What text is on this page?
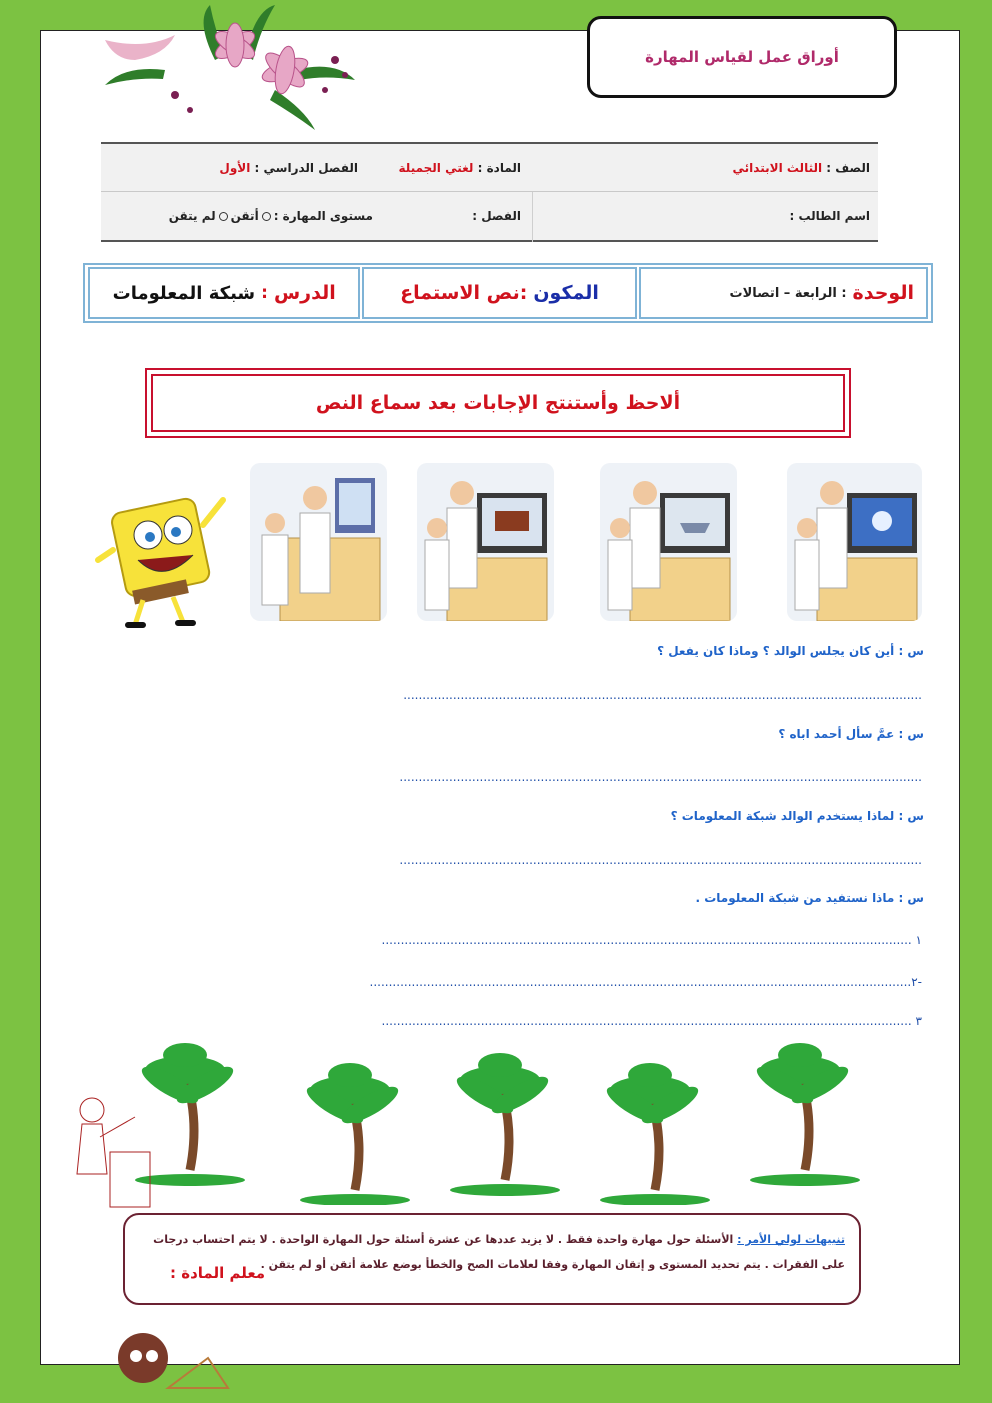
أوراق عمل لقياس المهارة
الصف :

الثالث الابتدائي
المادة :

لغتي الجميلة
الفصل الدراسي :

الأول
اسم الطالب :
الفصل :
مستوى المهارة :
أتقن
لم يتقن
الوحدة
: الرابعة – اتصالات
المكون
:نص الاستماع
الدرس
:
شبكة المعلومات
ألاحظ وأستنتج الإجابات بعد سماع النص
س : أين كان يجلس الوالد ؟ وماذا كان يفعل ؟
........................................................................................................................................
س : عمَّ سأل أحمد اباه ؟
.........................................................................................................................................
س : لماذا يستخدم الوالد شبكة المعلومات ؟
.........................................................................................................................................
س : ماذا نستفيد من شبكة المعلومات .
١ ...........................................................................................................................................
-٢..............................................................................................................................................
٣ ...........................................................................................................................................
تنبيهات لولي الأمر : الأسئلة حول مهارة واحدة فقط . لا يزيد عددها عن عشرة أسئلة حول المهارة الواحدة . لا يتم احتساب درجات على الفقرات . يتم تحديد المستوى و إتقان المهارة وفقا لعلامات الصح والخطأ بوضع علامة أتقن أو لم يتقن .
معلم المادة :
